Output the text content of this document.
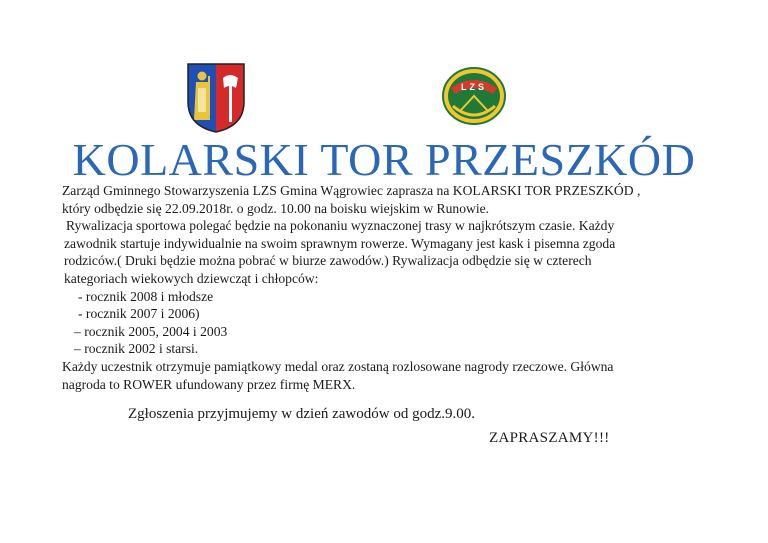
LZS
KOLARSKI TOR PRZESZKÓD
Zarząd Gminnego Stowarzyszenia LZS Gmina Wągrowiec zaprasza na KOLARSKI TOR PRZESZKÓD ,
który odbędzie się 22.09.2018r. o godz. 10.00 na boisku wiejskim w Runowie.
Rywalizacja sportowa polegać będzie na pokonaniu wyznaczonej trasy w najkrótszym czasie. Każdy
zawodnik startuje indywidualnie na swoim sprawnym rowerze. Wymagany jest kask i pisemna zgoda
rodziców.( Druki będzie można pobrać w biurze zawodów.) Rywalizacja odbędzie się w czterech
kategoriach wiekowych dziewcząt i chłopców:
- rocznik 2008 i młodsze
- rocznik 2007 i 2006)
– rocznik 2005, 2004 i 2003
– rocznik 2002 i starsi.
Każdy uczestnik otrzymuje pamiątkowy medal oraz zostaną rozlosowane nagrody rzeczowe. Główna
nagroda to ROWER ufundowany przez firmę MERX.
Zgłoszenia przyjmujemy w dzień zawodów od godz.9.00.
ZAPRASZAMY!!!
